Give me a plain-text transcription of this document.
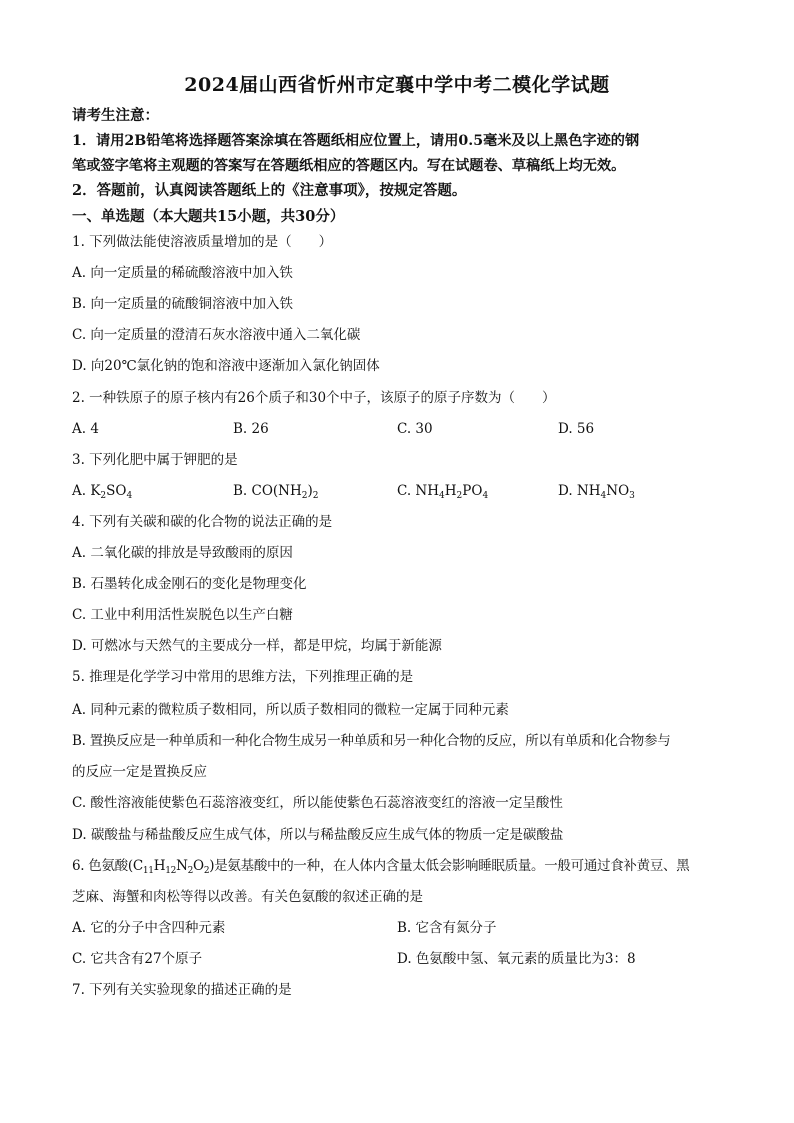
2024届山西省忻州市定襄中学中考二模化学试题
请考生注意：
1．请用2B铅笔将选择题答案涂填在答题纸相应位置上，请用0.5毫米及以上黑色字迹的钢
笔或签字笔将主观题的答案写在答题纸相应的答题区内。写在试题卷、草稿纸上均无效。
2．答题前，认真阅读答题纸上的《注意事项》，按规定答题。
一、单选题（本大题共15小题，共30分）
1. 下列做法能使溶液质量增加的是（　　）
A. 向一定质量的稀硫酸溶液中加入铁
B. 向一定质量的硫酸铜溶液中加入铁
C. 向一定质量的澄清石灰水溶液中通入二氧化碳
D. 向20℃氯化钠的饱和溶液中逐渐加入氯化钠固体
2. 一种铁原子的原子核内有26个质子和30个中子，该原子的原子序数为（　　）
A. 4	B. 26	C. 30	D. 56
3. 下列化肥中属于钾肥的是
A. $K_2SO_4$	B. $CO(NH_2)_2$	C. $NH_4H_2PO_4$	D. $NH_4NO_3$
4. 下列有关碳和碳的化合物的说法正确的是
A. 二氧化碳的排放是导致酸雨的原因
B. 石墨转化成金刚石的变化是物理变化
C. 工业中利用活性炭脱色以生产白糖
D. 可燃冰与天然气的主要成分一样，都是甲烷，均属于新能源
5. 推理是化学学习中常用的思维方法，下列推理正确的是
A. 同种元素的微粒质子数相同，所以质子数相同的微粒一定属于同种元素
B. 置换反应是一种单质和一种化合物生成另一种单质和另一种化合物的反应，所以有单质和化合物参与
的反应一定是置换反应
C. 酸性溶液能使紫色石蕊溶液变红，所以能使紫色石蕊溶液变红的溶液一定呈酸性
D. 碳酸盐与稀盐酸反应生成气体，所以与稀盐酸反应生成气体的物质一定是碳酸盐
6. 色氨酸$(C_{11}H_{12}N_2O_2)$是氨基酸中的一种，在人体内含量太低会影响睡眠质量。一般可通过食补黄豆、黑
芝麻、海蟹和肉松等得以改善。有关色氨酸的叙述正确的是
A. 它的分子中含四种元素	B. 它含有氮分子
C. 它共含有27个原子	D. 色氨酸中氢、氧元素的质量比为3：8
7. 下列有关实验现象的描述正确的是
